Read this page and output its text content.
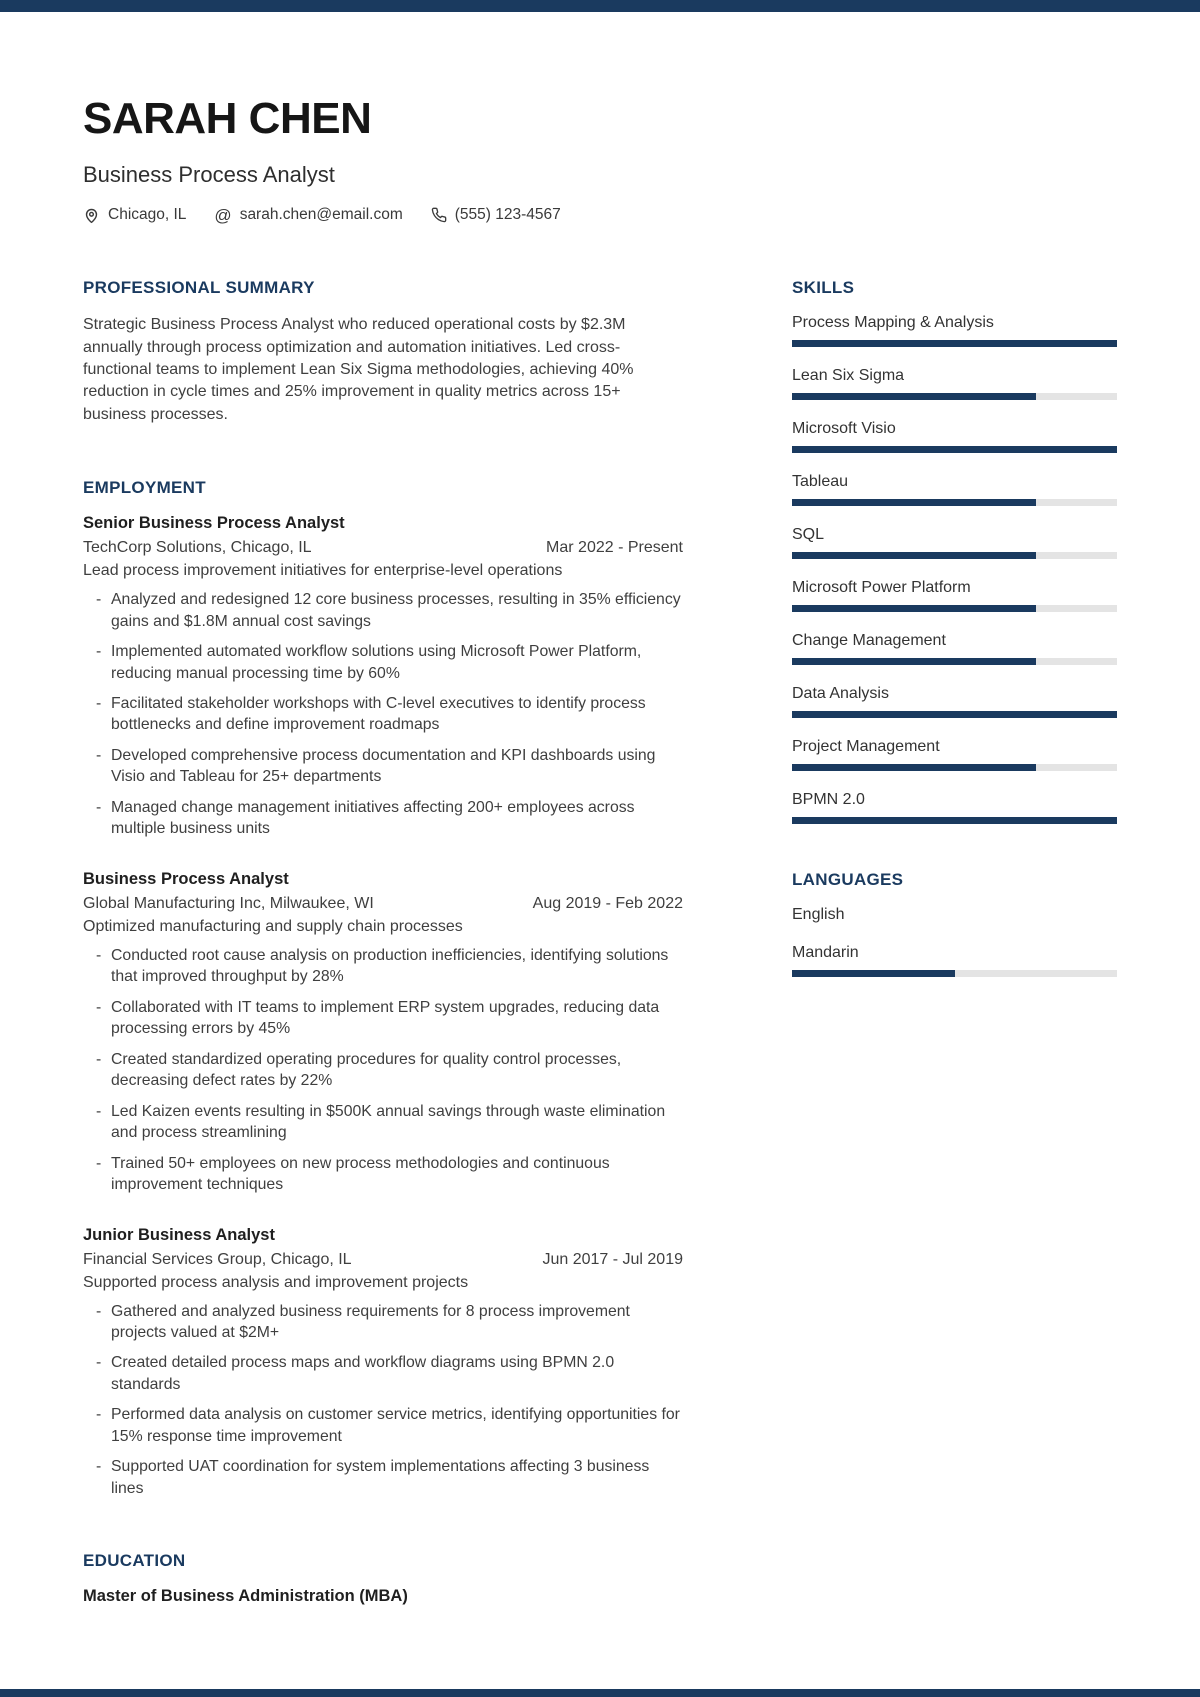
SARAH CHEN
Business Process Analyst
Chicago, IL @ sarah.chen@email.com	(555) 123-4567
PROFESSIONAL SUMMARY

Strategic Business Process Analyst who reduced operational costs by $2.3M annually through process optimization and automation initiatives. Led cross-functional teams to implement Lean Six Sigma methodologies, achieving 40% reduction in cycle times and 25% improvement in quality metrics across 15+ business processes.

EMPLOYMENT
Senior Business Process Analyst
TechCorp Solutions, Chicago, IL	Mar 2022 - Present
Lead process improvement initiatives for enterprise-level operations
- Analyzed and redesigned 12 core business processes, resulting in 35% efficiency gains and $1.8M annual cost savings
- Implemented automated workflow solutions using Microsoft Power Platform, reducing manual processing time by 60%
- Facilitated stakeholder workshops with C-level executives to identify process bottlenecks and define improvement roadmaps
- Developed comprehensive process documentation and KPI dashboards using Visio and Tableau for 25+ departments
- Managed change management initiatives affecting 200+ employees across multiple business units
Business Process Analyst
Global Manufacturing Inc, Milwaukee, WI	Aug 2019 - Feb 2022
Optimized manufacturing and supply chain processes
- Conducted root cause analysis on production inefficiencies, identifying solutions that improved throughput by 28%
- Collaborated with IT teams to implement ERP system upgrades, reducing data processing errors by 45%
- Created standardized operating procedures for quality control processes, decreasing defect rates by 22%
- Led Kaizen events resulting in $500K annual savings through waste elimination and process streamlining
- Trained 50+ employees on new process methodologies and continuous improvement techniques
Junior Business Analyst
Financial Services Group, Chicago, IL	Jun 2017 - Jul 2019
Supported process analysis and improvement projects
- Gathered and analyzed business requirements for 8 process improvement projects valued at $2M+
- Created detailed process maps and workflow diagrams using BPMN 2.0 standards
- Performed data analysis on customer service metrics, identifying opportunities for 15% response time improvement
- Supported UAT coordination for system implementations affecting 3 business lines
EDUCATION
Master of Business Administration (MBA)
SKILLS
Process Mapping & Analysis
Lean Six Sigma
Microsoft Visio
Tableau
SQL
Microsoft Power Platform
Change Management
Data Analysis
Project Management
BPMN 2.0
LANGUAGES
English
Mandarin
